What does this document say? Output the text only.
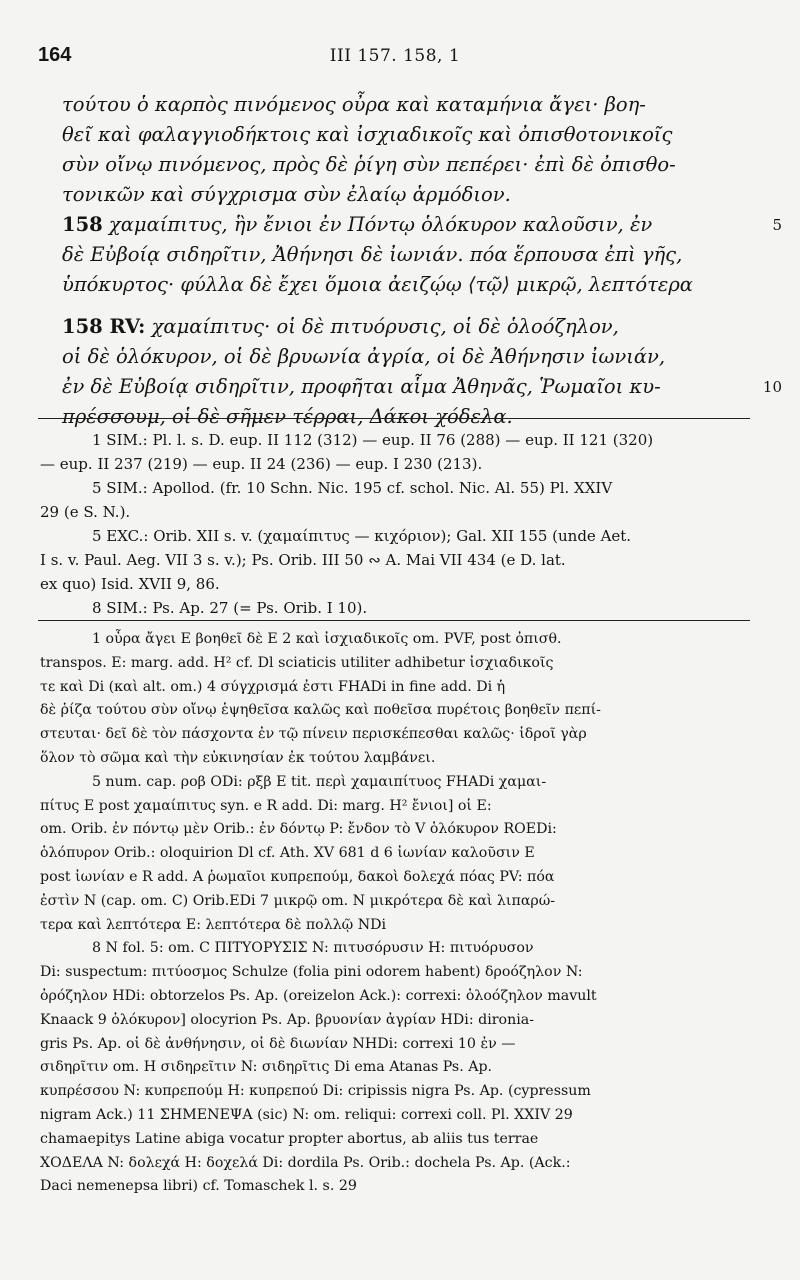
164	III 157. 158, 1
τούτου ὁ καρπὸς πινόμενος οὖρα καὶ καταμήνια ἄγει· βοη-
θεῖ καὶ φαλαγγιοδήκτοις καὶ ἰσχιαδικοῖς καὶ ὀπισθοτονικοῖς
σὺν οἴνῳ πινόμενος, πρὸς δὲ ῥίγη σὺν πεπέρει· ἐπὶ δὲ ὀπισθο-
τονικῶν καὶ σύγχρισμα σὺν ἐλαίῳ ἁρμόδιον.
158 χαμαίπιτυς, ἣν ἔνιοι ἐν Πόντῳ ὁλόκυρον καλοῦσιν, ἐν	5
δὲ Εὐβοίᾳ σιδηρῖτιν, Ἀθήνησι δὲ ἰωνιάν. πόα ἕρπουσα ἐπὶ γῆς,
ὑπόκυρτος· φύλλα δὲ ἔχει ὅμοια ἀειζῴῳ ⟨τῷ⟩ μικρῷ, λεπτότερα
158 RV: χαμαίπιτυς· οἱ δὲ πιτυόρυσις, οἱ δὲ ὁλοόζηλον,
οἱ δὲ ὁλόκυρον, οἱ δὲ βρυωνία ἀγρία, οἱ δὲ Ἀθήνησιν ἰωνιάν,
ἐν δὲ Εὐβοίᾳ σιδηρῖτιν, προφῆται αἷμα Ἀθηνᾶς, Ῥωμαῖοι κυ-	10
πρέσσουμ, οἱ δὲ σῆμεν τέρραι, Δάκοι χόδελα.
1 SIM.: Pl. l. s. D. eup. II 112 (312) — eup. II 76 (288) — eup. II 121 (320)
— eup. II 237 (219) — eup. II 24 (236) — eup. I 230 (213).
5 SIM.: Apollod. (fr. 10 Schn. Nic. 195 cf. schol. Nic. Al. 55) Pl. XXIV
29 (e S. N.).
5 EXC.: Orib. XII s. v. (χαμαίπιτυς — κιχόριον); Gal. XII 155 (unde Aet.
I s. v. Paul. Aeg. VII 3 s. v.); Ps. Orib. III 50 ∾ A. Mai VII 434 (e D. lat.
ex quo) Isid. XVII 9, 86.
8 SIM.: Ps. Ap. 27 (= Ps. Orib. I 10).
1 οὖρα ἄγει E βοηθεῖ δὲ E 2 καὶ ἰσχιαδικοῖς om. PVF, post ὀπισθ.
transpos. E: marg. add. H² cf. Dl sciaticis utiliter adhibetur ἰσχιαδικοῖς
τε καὶ Di (καὶ alt. om.) 4 σύγχρισμά ἐστι FHADi in fine add. Di ἡ
δὲ ῥίζα τούτου σὺν οἴνῳ ἑψηθεῖσα καλῶς καὶ ποθεῖσα πυρέτοις βοηθεῖν πεπί-
στευται· δεῖ δὲ τὸν πάσχοντα ἐν τῷ πίνειν περισκέπεσθαι καλῶς· ἱδροῖ γὰρ
ὅλον τὸ σῶμα καὶ τὴν εὐκινησίαν ἐκ τούτου λαμβάνει.
5 num. cap. ροβ ODi: ρξβ E tit. περὶ χαμαιπίτυος FHADi χαμαι-
πίτυς E post χαμαίπιτυς syn. e R add. Di: marg. H² ἔνιοι] οἱ E:
om. Orib. ἐν πόντῳ μὲν Orib.: ἐν δόντῳ P: ἔνδον τὸ V ὁλόκυρον ROEDi:
ὁλόπυρον Orib.: oloquirion Dl cf. Ath. XV 681 d 6 ἰωνίαν καλοῦσιν E
post ἰωνίαν e R add. A ῥωμαῖοι κυπρεπούμ, δακοὶ δολεχά πόας PV: πόα
ἐστὶν N (cap. om. C) Orib.EDi 7 μικρῷ om. N μικρότερα δὲ καὶ λιπαρώ-
τερα καὶ λεπτότερα E: λεπτότερα δὲ πολλῷ NDi
8 N fol. 5: om. C ΠΙΤΥΟΡΥΣΙΣ N: πιτυσόρυσιν H: πιτυόρυσον
Di: suspectum: πιτύοσμος Schulze (folia pini odorem habent) δροόζηλον N:
ὀρόζηλον HDi: obtorzelos Ps. Ap. (oreizelon Ack.): correxi: ὁλοόζηλον mavult
Knaack 9 ὁλόκυρον] olocyrion Ps. Ap. βρυονίαν ἀγρίαν HDi: dironia-
gris Ps. Ap. οἱ δὲ ἀνθήνησιν, οἱ δὲ διωνίαν NHDi: correxi 10 ἐν —
σιδηρῖτιν om. H σιδηρεῖτιν N: σιδηρῖτις Di ema Atanas Ps. Ap.
κυπρέσσου N: κυπρεπούμ H: κυπρεπού Di: cripissis nigra Ps. Ap. (cypressum
nigram Ack.) 11 ΣΗΜΕΝΕΨΑ (sic) N: om. reliqui: correxi coll. Pl. XXIV 29
chamaepitys Latine abiga vocatur propter abortus, ab aliis tus terrae
ΧΟΔΕΛΑ N: δολεχά H: δοχελά Di: dordila Ps. Orib.: dochela Ps. Ap. (Ack.:
Daci nemenepsa libri) cf. Tomaschek l. s. 29
